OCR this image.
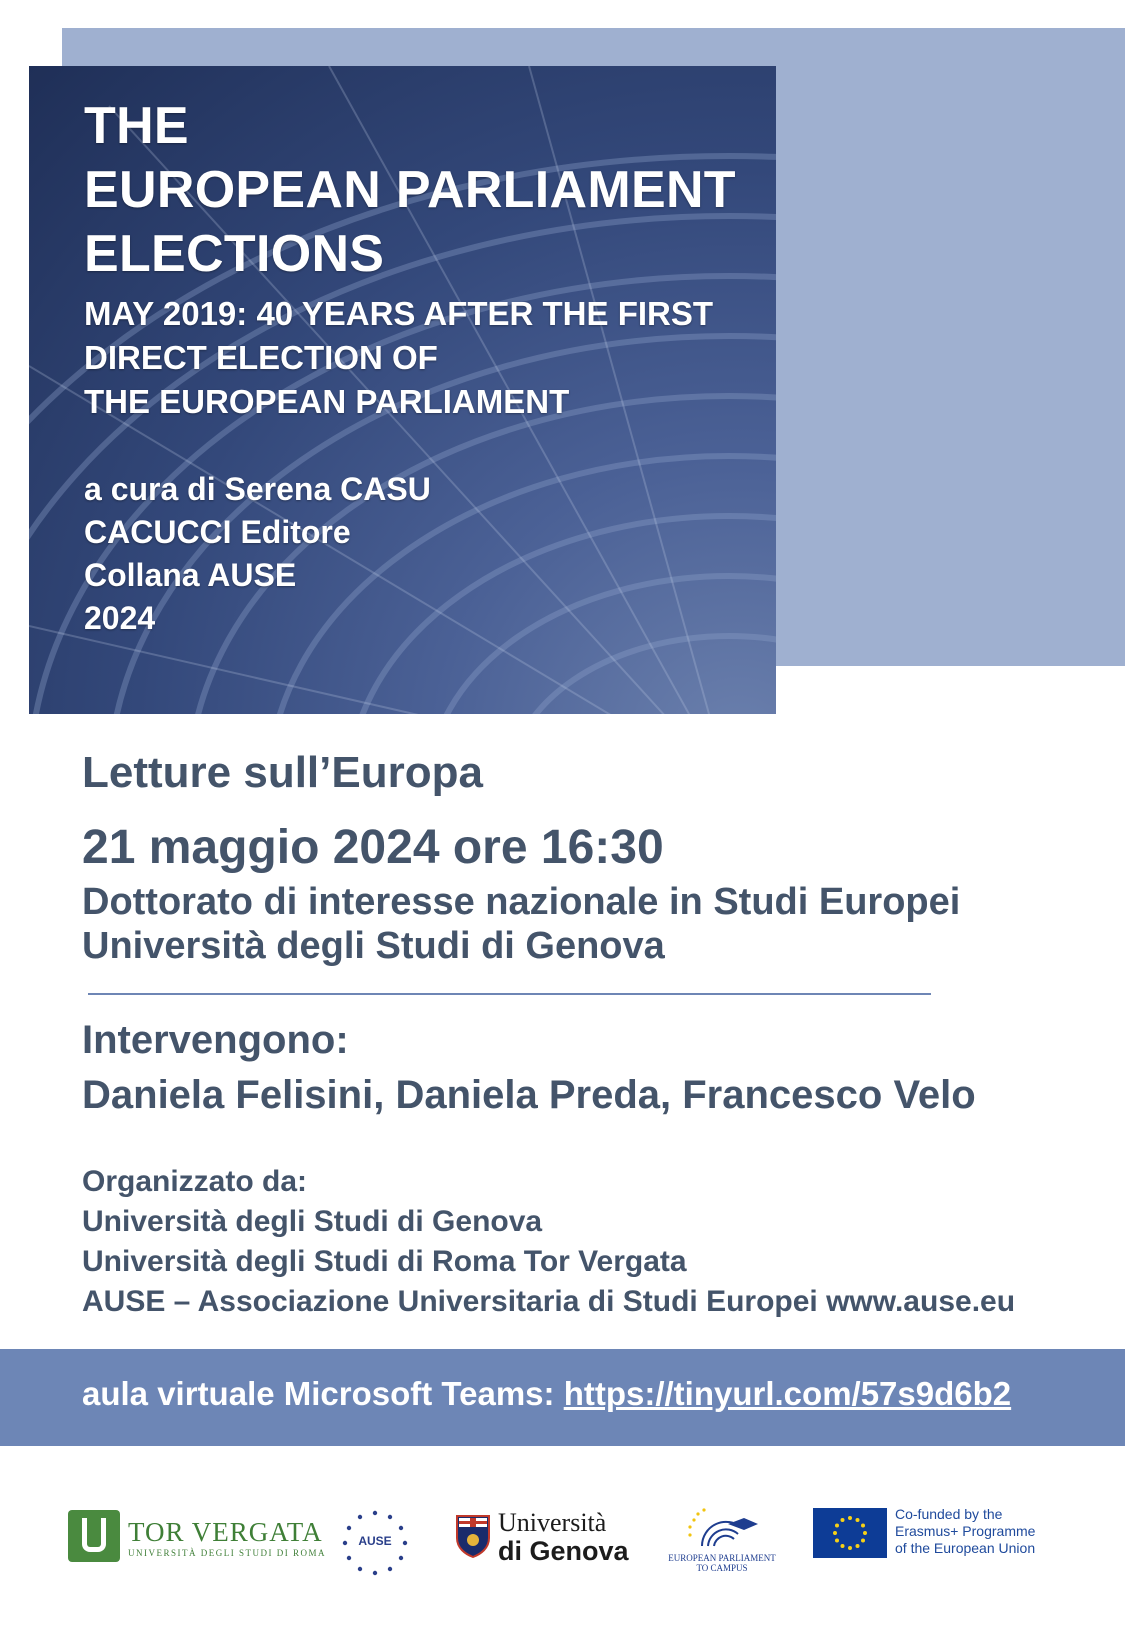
THE
EUROPEAN PARLIAMENT
ELECTIONS
MAY 2019: 40 YEARS AFTER THE FIRST
DIRECT ELECTION OF
THE EUROPEAN PARLIAMENT
a cura di Serena CASU
CACUCCI Editore
Collana AUSE
2024
Letture sull’Europa
21 maggio 2024 ore 16:30
Dottorato di interesse nazionale in Studi Europei
Università degli Studi di Genova
Intervengono:
Daniela Felisini, Daniela Preda, Francesco Velo
Organizzato da:
Università degli Studi di Genova
Università degli Studi di Roma Tor Vergata
AUSE – Associazione Universitaria di Studi Europei www.ause.eu
aula virtuale Microsoft Teams: https://tinyurl.com/57s9d6b2
TOR VERGATA
UNIVERSITÀ DEGLI STUDI DI ROMA
AUSE
Università
di Genova	EUROPEAN PARLIAMENT TO CAMPUS
Co-funded by the
Erasmus+ Programme
of the European Union
